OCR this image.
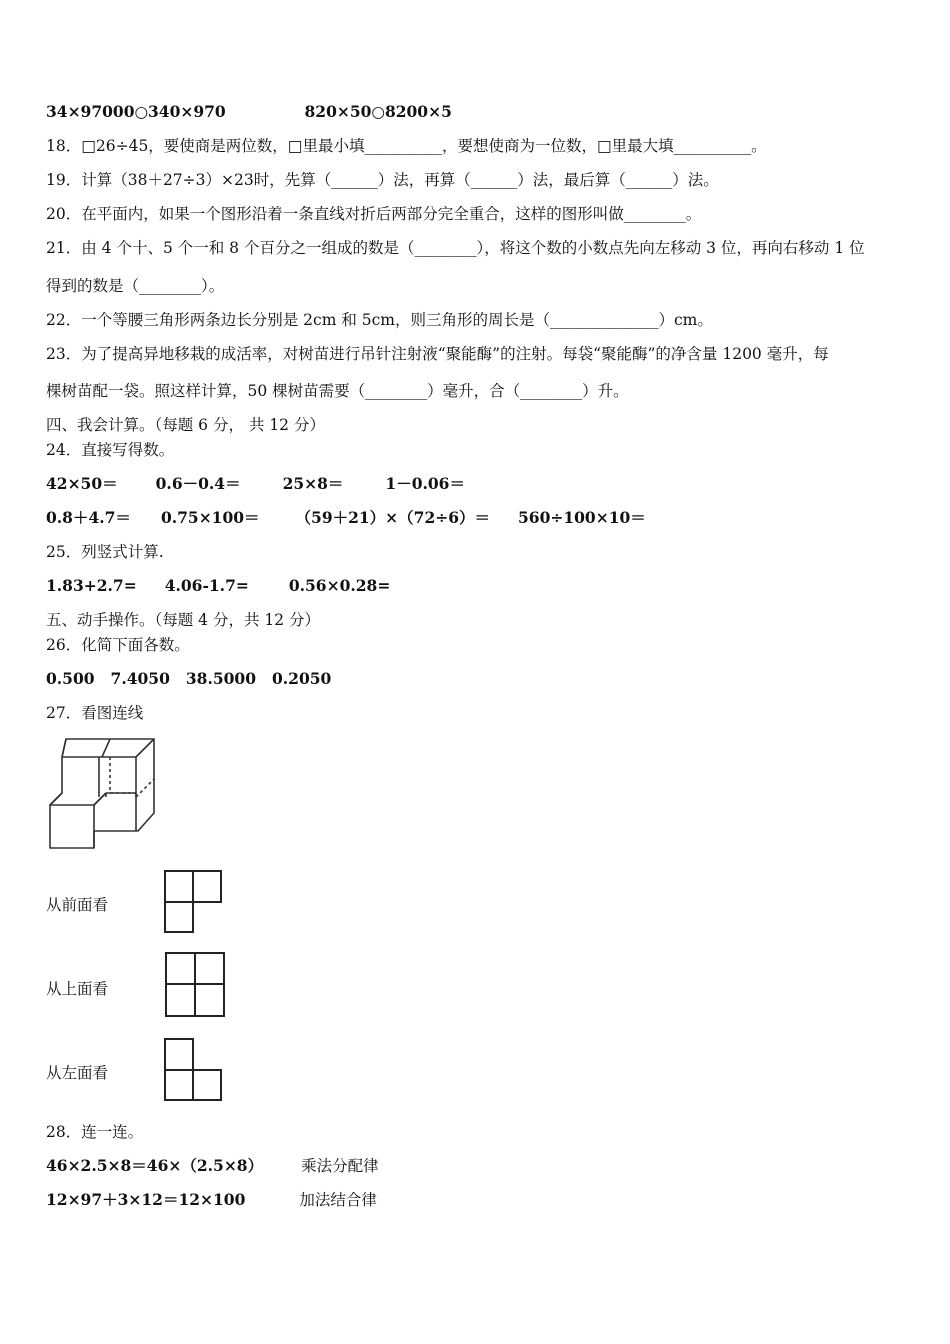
34×97000○340×970	820×50○8200×5
18．□26÷45，要使商是两位数，□里最小填__________，要想使商为一位数，□里最大填__________。
19．计算（38＋27÷3）×23时，先算（______）法，再算（______）法，最后算（______）法。
20．在平面内，如果一个图形沿着一条直线对折后两部分完全重合，这样的图形叫做________。
21．由 4 个十、5 个一和 8 个百分之一组成的数是（________），将这个数的小数点先向左移动 3 位，再向右移动 1 位
得到的数是（________）。
22．一个等腰三角形两条边长分别是 2cm 和 5cm，则三角形的周长是（______________）cm。
23．为了提高异地移栽的成活率，对树苗进行吊针注射液“聚能酶”的注射。每袋“聚能酶”的净含量 1200 毫升，每
棵树苗配一袋。照这样计算，50 棵树苗需要（________）毫升，合（________）升。
四、我会计算。（每题 6 分， 共 12 分）
24．直接写得数。
42×50＝ 0.6－0.4＝	25×8＝	1－0.06＝
0.8＋4.7＝ 0.75×100＝ （59＋21）×（72÷6）＝ 560÷100×10＝
25．列竖式计算.
1.83+2.7= 4.06-1.7=	0.56×0.28=
五、动手操作。（每题 4 分，共 12 分）
26．化简下面各数。
0.500 7.4050 38.5000 0.2050
27．看图连线
从前面看
从上面看
从左面看
28．连一连。
46×2.5×8＝46×（2.5×8） 乘法分配律
12×97＋3×12＝12×100	加法结合律
